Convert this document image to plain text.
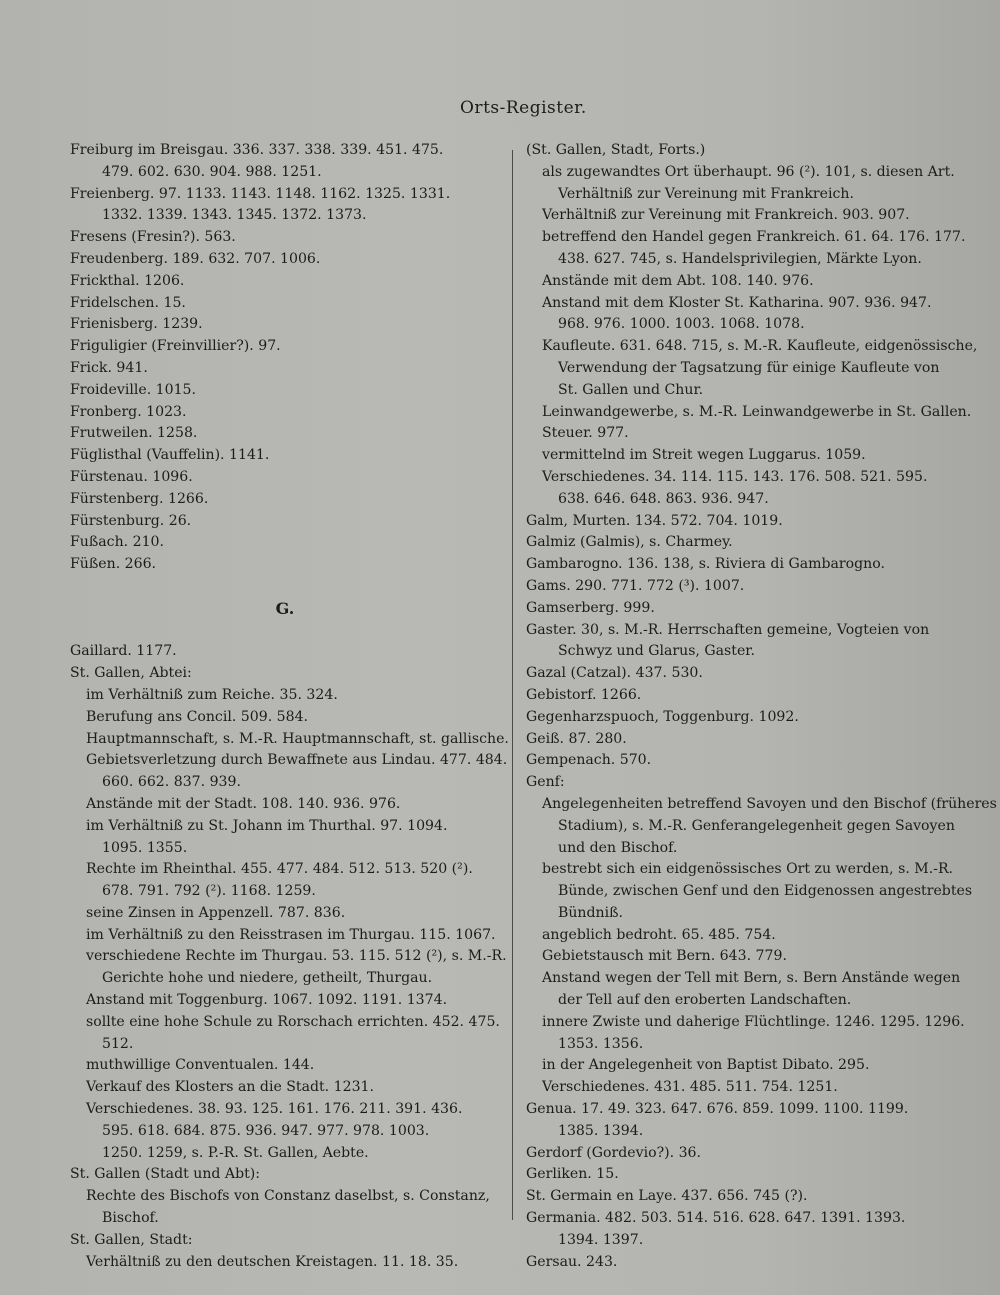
Orts-Register.
Freiburg im Breisgau. 336. 337. 338. 339. 451. 475.
479. 602. 630. 904. 988. 1251.
Freienberg. 97. 1133. 1143. 1148. 1162. 1325. 1331.
1332. 1339. 1343. 1345. 1372. 1373.
Fresens (Fresin?). 563.
Freudenberg. 189. 632. 707. 1006.
Frickthal. 1206.
Fridelschen. 15.
Frienisberg. 1239.
Friguligier (Freinvillier?). 97.
Frick. 941.
Froideville. 1015.
Fronberg. 1023.
Frutweilen. 1258.
Füglisthal (Vauffelin). 1141.
Fürstenau. 1096.
Fürstenberg. 1266.
Fürstenburg. 26.
Fußach. 210.
Füßen. 266.
G.
Gaillard. 1177.
St. Gallen, Abtei:
im Verhältniß zum Reiche. 35. 324.
Berufung ans Concil. 509. 584.
Hauptmannschaft, s. M.-R. Hauptmannschaft, st. gallische.
Gebietsverletzung durch Bewaffnete aus Lindau. 477. 484.
660. 662. 837. 939.
Anstände mit der Stadt. 108. 140. 936. 976.
im Verhältniß zu St. Johann im Thurthal. 97. 1094.
1095. 1355.
Rechte im Rheinthal. 455. 477. 484. 512. 513. 520 (²).
678. 791. 792 (²). 1168. 1259.
seine Zinsen in Appenzell. 787. 836.
im Verhältniß zu den Reisstrasen im Thurgau. 115. 1067.
verschiedene Rechte im Thurgau. 53. 115. 512 (²), s. M.-R.
Gerichte hohe und niedere, getheilt, Thurgau.
Anstand mit Toggenburg. 1067. 1092. 1191. 1374.
sollte eine hohe Schule zu Rorschach errichten. 452. 475.
512.
muthwillige Conventualen. 144.
Verkauf des Klosters an die Stadt. 1231.
Verschiedenes. 38. 93. 125. 161. 176. 211. 391. 436.
595. 618. 684. 875. 936. 947. 977. 978. 1003.
1250. 1259, s. P.-R. St. Gallen, Aebte.
St. Gallen (Stadt und Abt):
Rechte des Bischofs von Constanz daselbst, s. Constanz,
Bischof.
St. Gallen, Stadt:
Verhältniß zu den deutschen Kreistagen. 11. 18. 35.
(St. Gallen, Stadt, Forts.)
als zugewandtes Ort überhaupt. 96 (²). 101, s. diesen Art.
Verhältniß zur Vereinung mit Frankreich.
Verhältniß zur Vereinung mit Frankreich. 903. 907.
betreffend den Handel gegen Frankreich. 61. 64. 176. 177.
438. 627. 745, s. Handelsprivilegien, Märkte Lyon.
Anstände mit dem Abt. 108. 140. 976.
Anstand mit dem Kloster St. Katharina. 907. 936. 947.
968. 976. 1000. 1003. 1068. 1078.
Kaufleute. 631. 648. 715, s. M.-R. Kaufleute, eidgenössische,
Verwendung der Tagsatzung für einige Kaufleute von
St. Gallen und Chur.
Leinwandgewerbe, s. M.-R. Leinwandgewerbe in St. Gallen.
Steuer. 977.
vermittelnd im Streit wegen Luggarus. 1059.
Verschiedenes. 34. 114. 115. 143. 176. 508. 521. 595.
638. 646. 648. 863. 936. 947.
Galm, Murten. 134. 572. 704. 1019.
Galmiz (Galmis), s. Charmey.
Gambarogno. 136. 138, s. Riviera di Gambarogno.
Gams. 290. 771. 772 (³). 1007.
Gamserberg. 999.
Gaster. 30, s. M.-R. Herrschaften gemeine, Vogteien von
Schwyz und Glarus, Gaster.
Gazal (Catzal). 437. 530.
Gebistorf. 1266.
Gegenharzspuoch, Toggenburg. 1092.
Geiß. 87. 280.
Gempenach. 570.
Genf:
Angelegenheiten betreffend Savoyen und den Bischof (früheres
Stadium), s. M.-R. Genferangelegenheit gegen Savoyen
und den Bischof.
bestrebt sich ein eidgenössisches Ort zu werden, s. M.-R.
Bünde, zwischen Genf und den Eidgenossen angestrebtes
Bündniß.
angeblich bedroht. 65. 485. 754.
Gebietstausch mit Bern. 643. 779.
Anstand wegen der Tell mit Bern, s. Bern Anstände wegen
der Tell auf den eroberten Landschaften.
innere Zwiste und daherige Flüchtlinge. 1246. 1295. 1296.
1353. 1356.
in der Angelegenheit von Baptist Dibato. 295.
Verschiedenes. 431. 485. 511. 754. 1251.
Genua. 17. 49. 323. 647. 676. 859. 1099. 1100. 1199.
1385. 1394.
Gerdorf (Gordevio?). 36.
Gerliken. 15.
St. Germain en Laye. 437. 656. 745 (?).
Germania. 482. 503. 514. 516. 628. 647. 1391. 1393.
1394. 1397.
Gersau. 243.
